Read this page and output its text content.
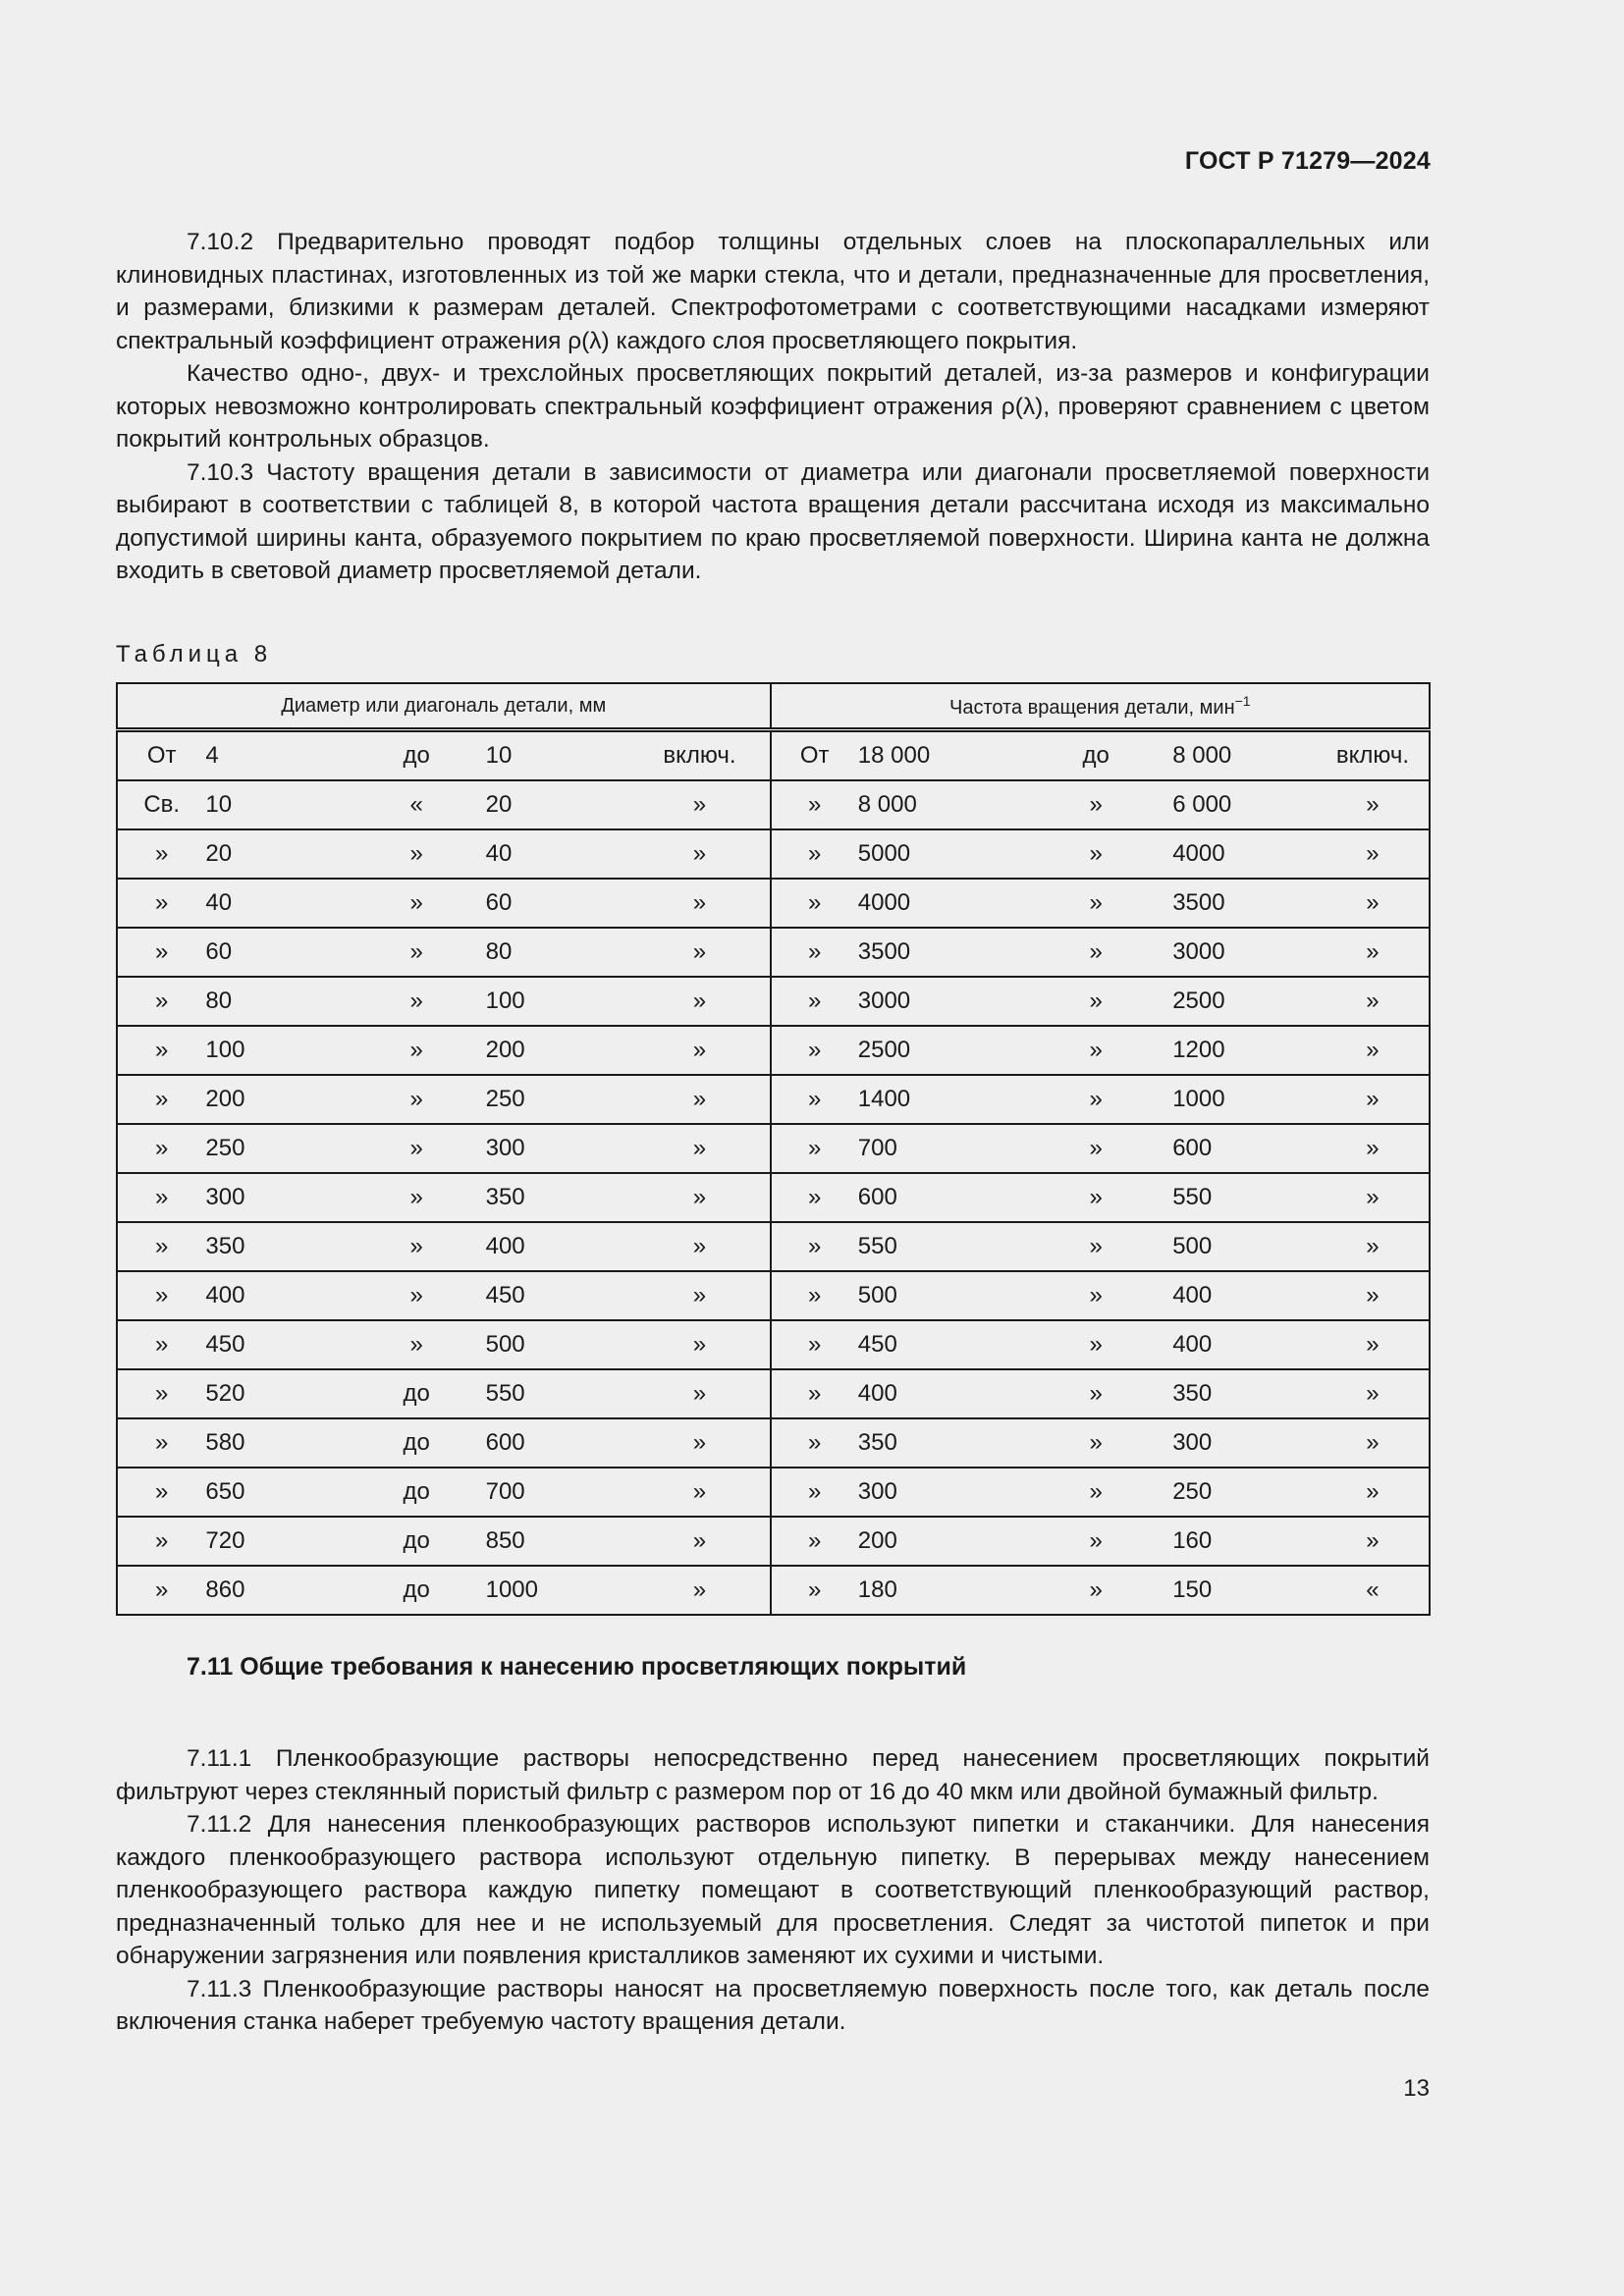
ГОСТ Р 71279—2024

7.10.2 Предварительно проводят подбор толщины отдельных слоев на плоскопараллельных или клиновидных пластинах, изготовленных из той же марки стекла, что и детали, предназначенные для просветления, и размерами, близкими к размерам деталей. Спектрофотометрами с соответствующими насадками измеряют спектральный коэффициент отражения ρ(λ) каждого слоя просветляющего покрытия.

Качество одно-, двух- и трехслойных просветляющих покрытий деталей, из-за размеров и конфигурации которых невозможно контролировать спектральный коэффициент отражения ρ(λ), проверяют сравнением с цветом покрытий контрольных образцов.

7.10.3 Частоту вращения детали в зависимости от диаметра или диагонали просветляемой поверхности выбирают в соответствии с таблицей 8, в которой частота вращения детали рассчитана исходя из максимально допустимой ширины канта, образуемого покрытием по краю просветляемой поверхности. Ширина канта не должна входить в световой диаметр просветляемой детали.

Таблица 8
Диаметр или диагональ детали, мм					Частота вращения детали, мин$^{-1}$
От	4	до	10	включ.	От	18 000	до	8 000	включ.
Св.	10	«	20	»	»	8 000	»	6 000	»
»	20	»	40	»	»	5000	»	4000	»
»	40	»	60	»	»	4000	»	3500	»
»	60	»	80	»	»	3500	»	3000	»
»	80	»	100	»	»	3000	»	2500	»
»	100	»	200	»	»	2500	»	1200	»
»	200	»	250	»	»	1400	»	1000	»
»	250	»	300	»	»	700	»	600	»
»	300	»	350	»	»	600	»	550	»
»	350	»	400	»	»	550	»	500	»
»	400	»	450	»	»	500	»	400	»
»	450	»	500	»	»	450	»	400	»
»	520	до	550	»	»	400	»	350	»
»	580	до	600	»	»	350	»	300	»
»	650	до	700	»	»	300	»	250	»
»	720	до	850	»	»	200	»	160	»
»	860	до	1000	»	»	180	»	150	«
7.11 Общие требования к нанесению просветляющих покрытий

7.11.1 Пленкообразующие растворы непосредственно перед нанесением просветляющих покрытий фильтруют через стеклянный пористый фильтр с размером пор от 16 до 40 мкм или двойной бумажный фильтр.

7.11.2 Для нанесения пленкообразующих растворов используют пипетки и стаканчики. Для нанесения каждого пленкообразующего раствора используют отдельную пипетку. В перерывах между нанесением пленкообразующего раствора каждую пипетку помещают в соответствующий пленкообразующий раствор, предназначенный только для нее и не используемый для просветления. Следят за чистотой пипеток и при обнаружении загрязнения или появления кристалликов заменяют их сухими и чистыми.

7.11.3 Пленкообразующие растворы наносят на просветляемую поверхность после того, как деталь после включения станка наберет требуемую частоту вращения детали.

13
